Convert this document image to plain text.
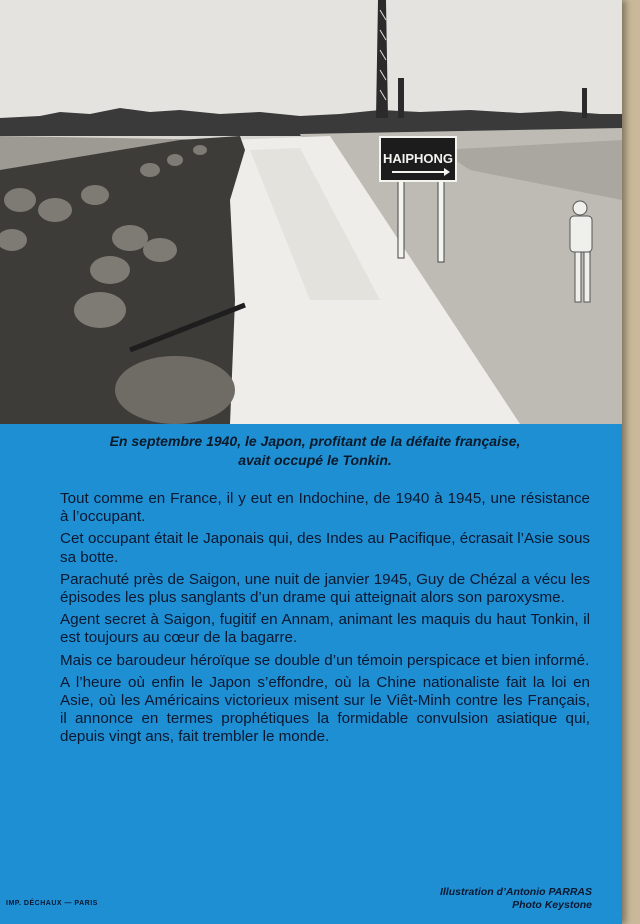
HAIPHONG
En septembre 1940, le Japon, profitant de la défaite française,
avait occupé le Tonkin.

Tout comme en France, il y eut en Indochine, de 1940 à 1945, une résistance à l’occupant.

Cet occupant était le Japonais qui, des Indes au Pacifique, écrasait l’Asie sous sa botte.

Parachuté près de Saigon, une nuit de janvier 1945, Guy de Chézal a vécu les épisodes les plus sanglants d’un drame qui atteignait alors son paroxysme.

Agent secret à Saigon, fugitif en Annam, animant les maquis du haut Tonkin, il est toujours au cœur de la bagarre.

Mais ce baroudeur héroïque se double d’un témoin perspicace et bien informé.

A l’heure où enfin le Japon s’effondre, où la Chine nationaliste fait la loi en Asie, où les Américains victorieux misent sur le Viêt-Minh contre les Français, il annonce en termes prophétiques la formidable convulsion asiatique qui, depuis vingt ans, fait trembler le monde.

IMP. DÉCHAUX — PARIS
Illustration d’Antonio PARRAS
Photo Keystone
